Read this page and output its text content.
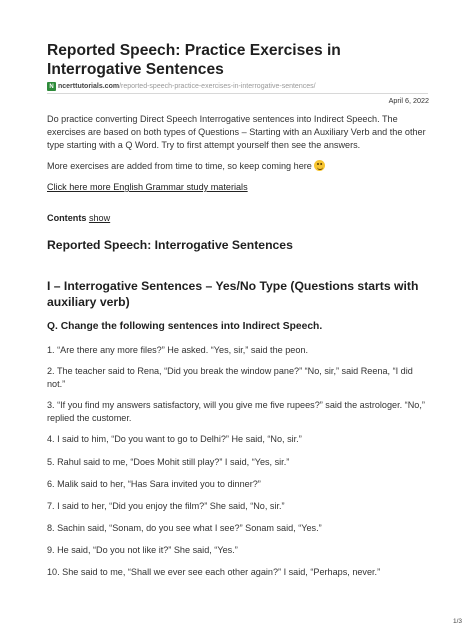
Reported Speech: Practice Exercises in Interrogative Sentences
N ncerttutorials.com /reported-speech-practice-exercises-in-interrogative-sentences/
April 6, 2022

Do practice converting Direct Speech Interrogative sentences into Indirect Speech. The exercises are based on both types of Questions – Starting with an Auxiliary Verb and the other type starting with a Q Word. Try to first attempt yourself then see the answers.

More exercises are added from time to time, so keep coming here

Click here more English Grammar study materials
Contents show
Reported Speech: Interrogative Sentences
I – Interrogative Sentences – Yes/No Type (Questions starts with auxiliary verb)
Q. Change the following sentences into Indirect Speech.

1. “Are there any more files?” He asked. “Yes, sir,” said the peon.

2. The teacher said to Rena, “Did you break the window pane?” “No, sir,” said Reena, “I did not.”

3. “If you find my answers satisfactory, will you give me five rupees?” said the astrologer. “No,” replied the customer.

4. I said to him, “Do you want to go to Delhi?” He said, “No, sir.”

5. Rahul said to me, “Does Mohit still play?” I said, “Yes, sir.”

6. Malik said to her, “Has Sara invited you to dinner?”

7. I said to her, “Did you enjoy the film?” She said, “No, sir.”

8. Sachin said, “Sonam, do you see what I see?” Sonam said, “Yes.”

9. He said, “Do you not like it?” She said, “Yes.”

10. She said to me, “Shall we ever see each other again?” I said, “Perhaps, never.”

1/3
